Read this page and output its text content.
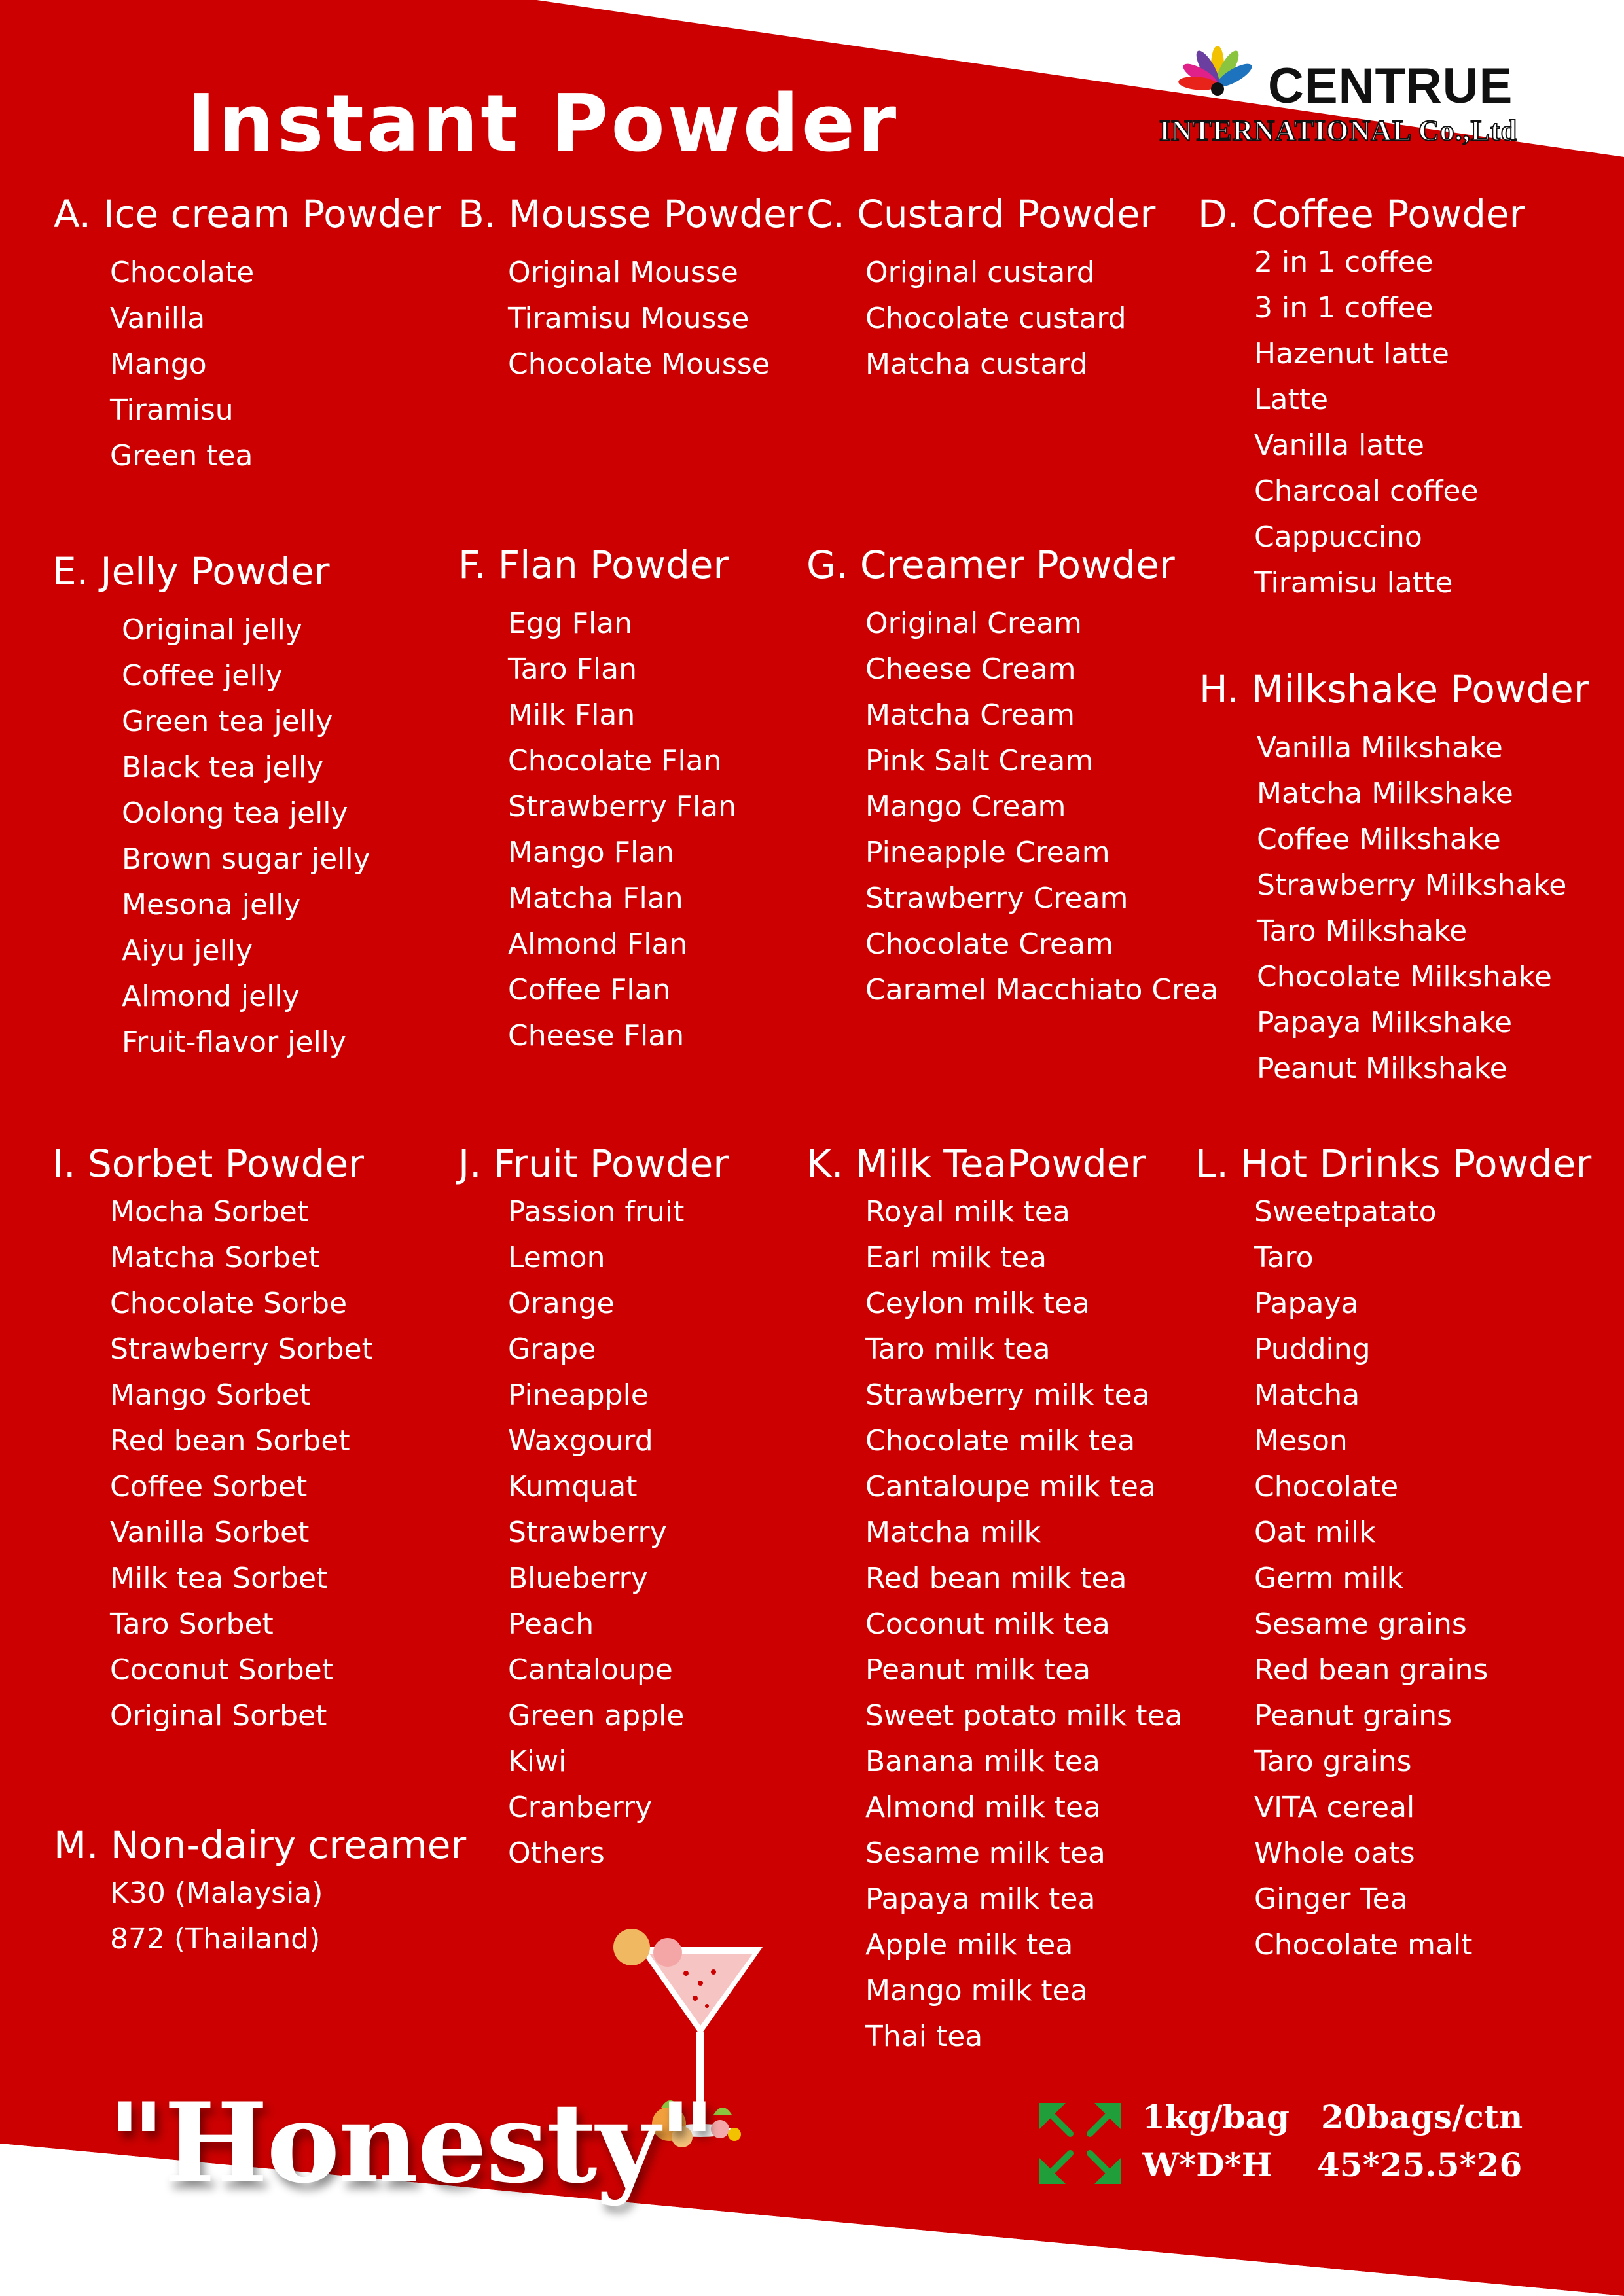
Instant Powder	CENTRUE
INTERNATIONAL Co.,Ltd
A. Ice cream Powder
Chocolate
Vanilla
Mango
Tiramisu
Green tea
B. Mousse Powder
Original Mousse
Tiramisu Mousse
Chocolate Mousse
C. Custard Powder
Original custard
Chocolate custard
Matcha custard
D. Coffee Powder
2 in 1 coffee
3 in 1 coffee
Hazenut latte
Latte
Vanilla latte
Charcoal coffee
Cappuccino
Tiramisu latte
E. Jelly Powder
Original jelly
Coffee jelly
Green tea jelly
Black tea jelly
Oolong tea jelly
Brown sugar jelly
Mesona jelly
Aiyu jelly
Almond jelly
Fruit-flavor jelly
F. Flan Powder
Egg Flan
Taro Flan
Milk Flan
Chocolate Flan
Strawberry Flan
Mango Flan
Matcha Flan
Almond Flan
Coffee Flan
Cheese Flan
G. Creamer Powder
Original Cream
Cheese Cream
Matcha Cream
Pink Salt Cream
Mango Cream
Pineapple Cream
Strawberry Cream
Chocolate Cream
Caramel Macchiato Crea
H. Milkshake Powder
Vanilla Milkshake
Matcha Milkshake
Coffee Milkshake
Strawberry Milkshake
Taro Milkshake
Chocolate Milkshake
Papaya Milkshake
Peanut Milkshake
I. Sorbet Powder
Mocha Sorbet
Matcha Sorbet
Chocolate Sorbe
Strawberry Sorbet
Mango Sorbet
Red bean Sorbet
Coffee Sorbet
Vanilla Sorbet
Milk tea Sorbet
Taro Sorbet
Coconut Sorbet
Original Sorbet
J. Fruit Powder
Passion fruit
Lemon
Orange
Grape
Pineapple
Waxgourd
Kumquat
Strawberry
Blueberry
Peach
Cantaloupe
Green apple
Kiwi
Cranberry
Others
K. Milk TeaPowder
Royal milk tea
Earl milk tea
Ceylon milk tea
Taro milk tea
Strawberry milk tea
Chocolate milk tea
Cantaloupe milk tea
Matcha milk
Red bean milk tea
Coconut milk tea
Peanut milk tea
Sweet potato milk tea
Banana milk tea
Almond milk tea
Sesame milk tea
Papaya milk tea
Apple milk tea
Mango milk tea
Thai tea
L. Hot Drinks Powder
Sweetpatato
Taro
Papaya
Pudding
Matcha
Meson
Chocolate
Oat milk
Germ milk
Sesame grains
Red bean grains
Peanut grains
Taro grains
VITA cereal
Whole oats
Ginger Tea
Chocolate malt
M. Non-dairy creamer
K30 (Malaysia)
872 (Thailand)
"Honesty"	1kg/bag 20bags/ctn
W*D*H 45*25.5*26
